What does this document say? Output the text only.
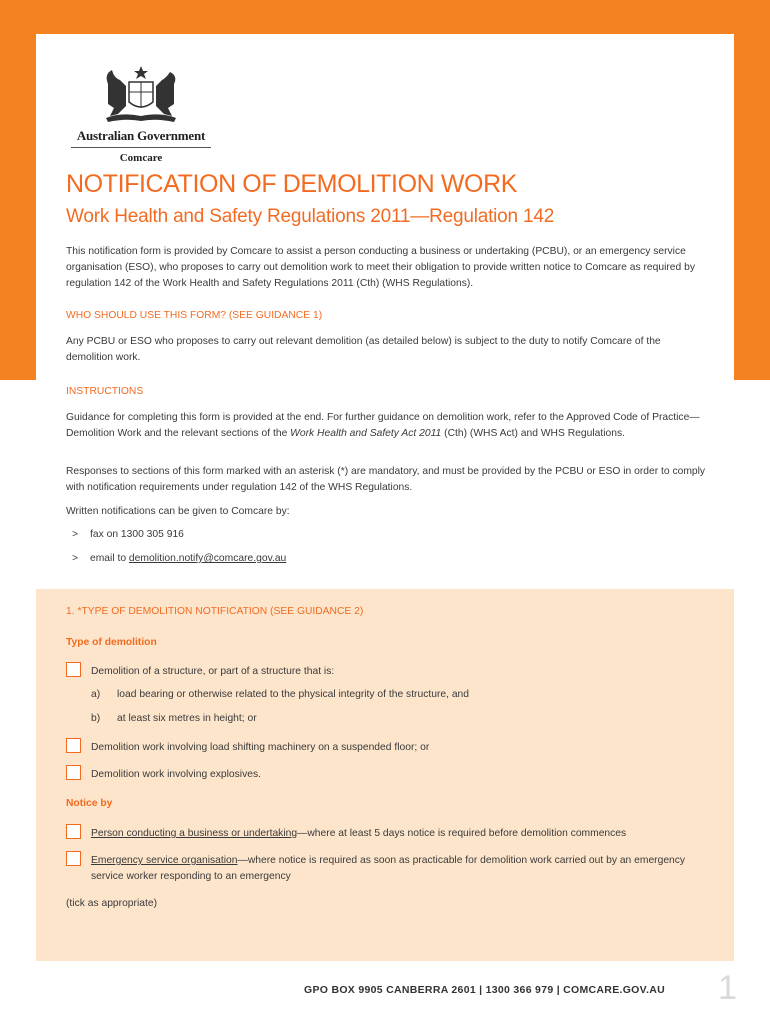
Australian Government
Comcare
NOTIFICATION OF DEMOLITION WORK
Work Health and Safety Regulations 2011—Regulation 142

This notification form is provided by Comcare to assist a person conducting a business or undertaking (PCBU), or an emergency service organisation (ESO), who proposes to carry out demolition work to meet their obligation to provide written notice to Comcare as required by regulation 142 of the Work Health and Safety Regulations 2011 (Cth) (WHS Regulations).

WHO SHOULD USE THIS FORM? (SEE GUIDANCE 1)

Any PCBU or ESO who proposes to carry out relevant demolition (as detailed below) is subject to the duty to notify Comcare of the demolition work.

INSTRUCTIONS

Guidance for completing this form is provided at the end. For further guidance on demolition work, refer to the Approved Code of Practice—Demolition Work and the relevant sections of the Work Health and Safety Act 2011 (Cth) (WHS Act) and WHS Regulations.

Responses to sections of this form marked with an asterisk (*) are mandatory, and must be provided by the PCBU or ESO in order to comply with notification requirements under regulation 142 of the WHS Regulations.

Written notifications can be given to Comcare by:

> fax on 1300 305 916
> email to demolition.notify@comcare.gov.au

1. *TYPE OF DEMOLITION NOTIFICATION (SEE GUIDANCE 2)

Type of demolition
Demolition of a structure, or part of a structure that is:
a) load bearing or otherwise related to the physical integrity of the structure, and
b) at least six metres in height; or
Demolition work involving load shifting machinery on a suspended floor; or
Demolition work involving explosives.
Notice by
Person conducting a business or undertaking—where at least 5 days notice is required before demolition commences
Emergency service organisation—where notice is required as soon as practicable for demolition work carried out by an emergency service worker responding to an emergency
(tick as appropriate)
GPO BOX 9905 CANBERRA 2601 | 1300 366 979 | COMCARE.GOV.AU 1
